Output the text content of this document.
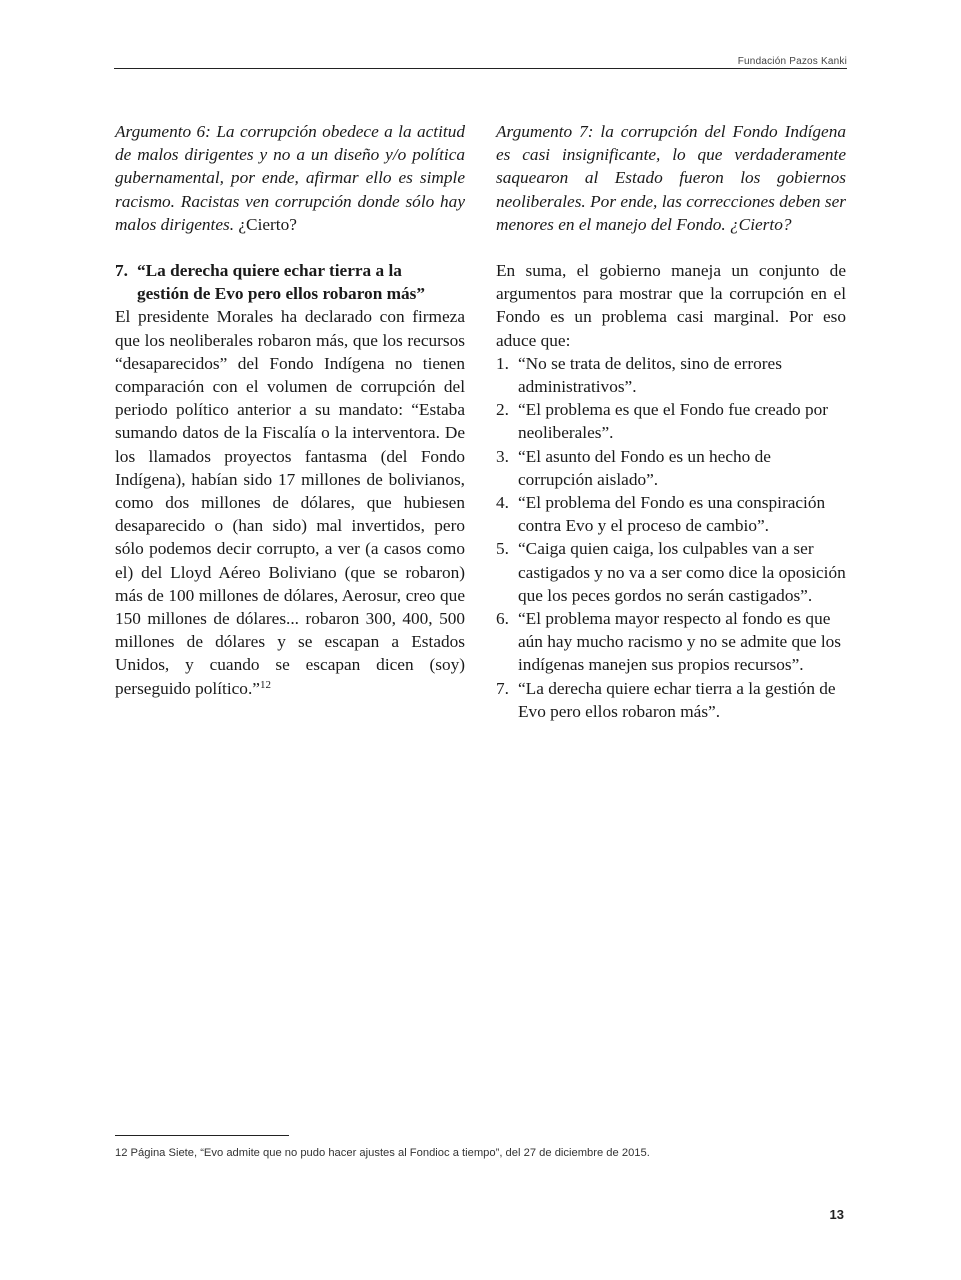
Fundación Pazos Kanki

Argumento 6: La corrupción obedece a la actitud de malos dirigentes y no a un diseño y/o política gubernamental, por ende, afirmar ello es simple racismo. Racistas ven corrupción donde sólo hay malos dirigentes. ¿Cierto?

7. “La derecha quiere echar tierra a la
gestión de Evo pero ellos robaron más”

El presidente Morales ha declarado con firmeza que los neoliberales robaron más, que los recursos “desaparecidos” del Fondo Indígena no tienen comparación con el volumen de corrupción del periodo político anterior a su mandato: “Estaba sumando datos de la Fiscalía o la interventora. De los llamados proyectos fantasma (del Fondo Indígena), habían sido 17 millones de bolivianos, como dos millones de dólares, que hubiesen desaparecido o (han sido) mal invertidos, pero sólo podemos decir corrupto, a ver (a casos como el) del Lloyd Aéreo Boliviano (que se robaron) más de 100 millones de dólares, Aerosur, creo que 150 millones de dólares... robaron 300, 400, 500 millones de dólares y se escapan a Estados Unidos, y cuando se escapan dicen (soy) perseguido político.”$^{12}$

Argumento 7: la corrupción del Fondo Indígena es casi insignificante, lo que verdaderamente saquearon al Estado fueron los gobiernos neoliberales. Por ende, las correcciones deben ser menores en el manejo del Fondo. ¿Cierto?

En suma, el gobierno maneja un conjunto de argumentos para mostrar que la corrupción en el Fondo es un problema casi marginal. Por eso aduce que:

1. “No se trata de delitos, sino de errores administrativos”.
2. “El problema es que el Fondo fue creado por neoliberales”.
3. “El asunto del Fondo es un hecho de corrupción aislado”.
4. “El problema del Fondo es una conspiración contra Evo y el proceso de cambio”.
5. “Caiga quien caiga, los culpables van a ser castigados y no va a ser como dice la oposición que los peces gordos no serán castigados”.
6. “El problema mayor respecto al fondo es que aún hay mucho racismo y no se admite que los indígenas manejen sus propios recursos”.
7. “La derecha quiere echar tierra a la gestión de Evo pero ellos robaron más”.
12 Página Siete, “Evo admite que no pudo hacer ajustes al Fondioc a tiempo”, del 27 de diciembre de 2015.
13
